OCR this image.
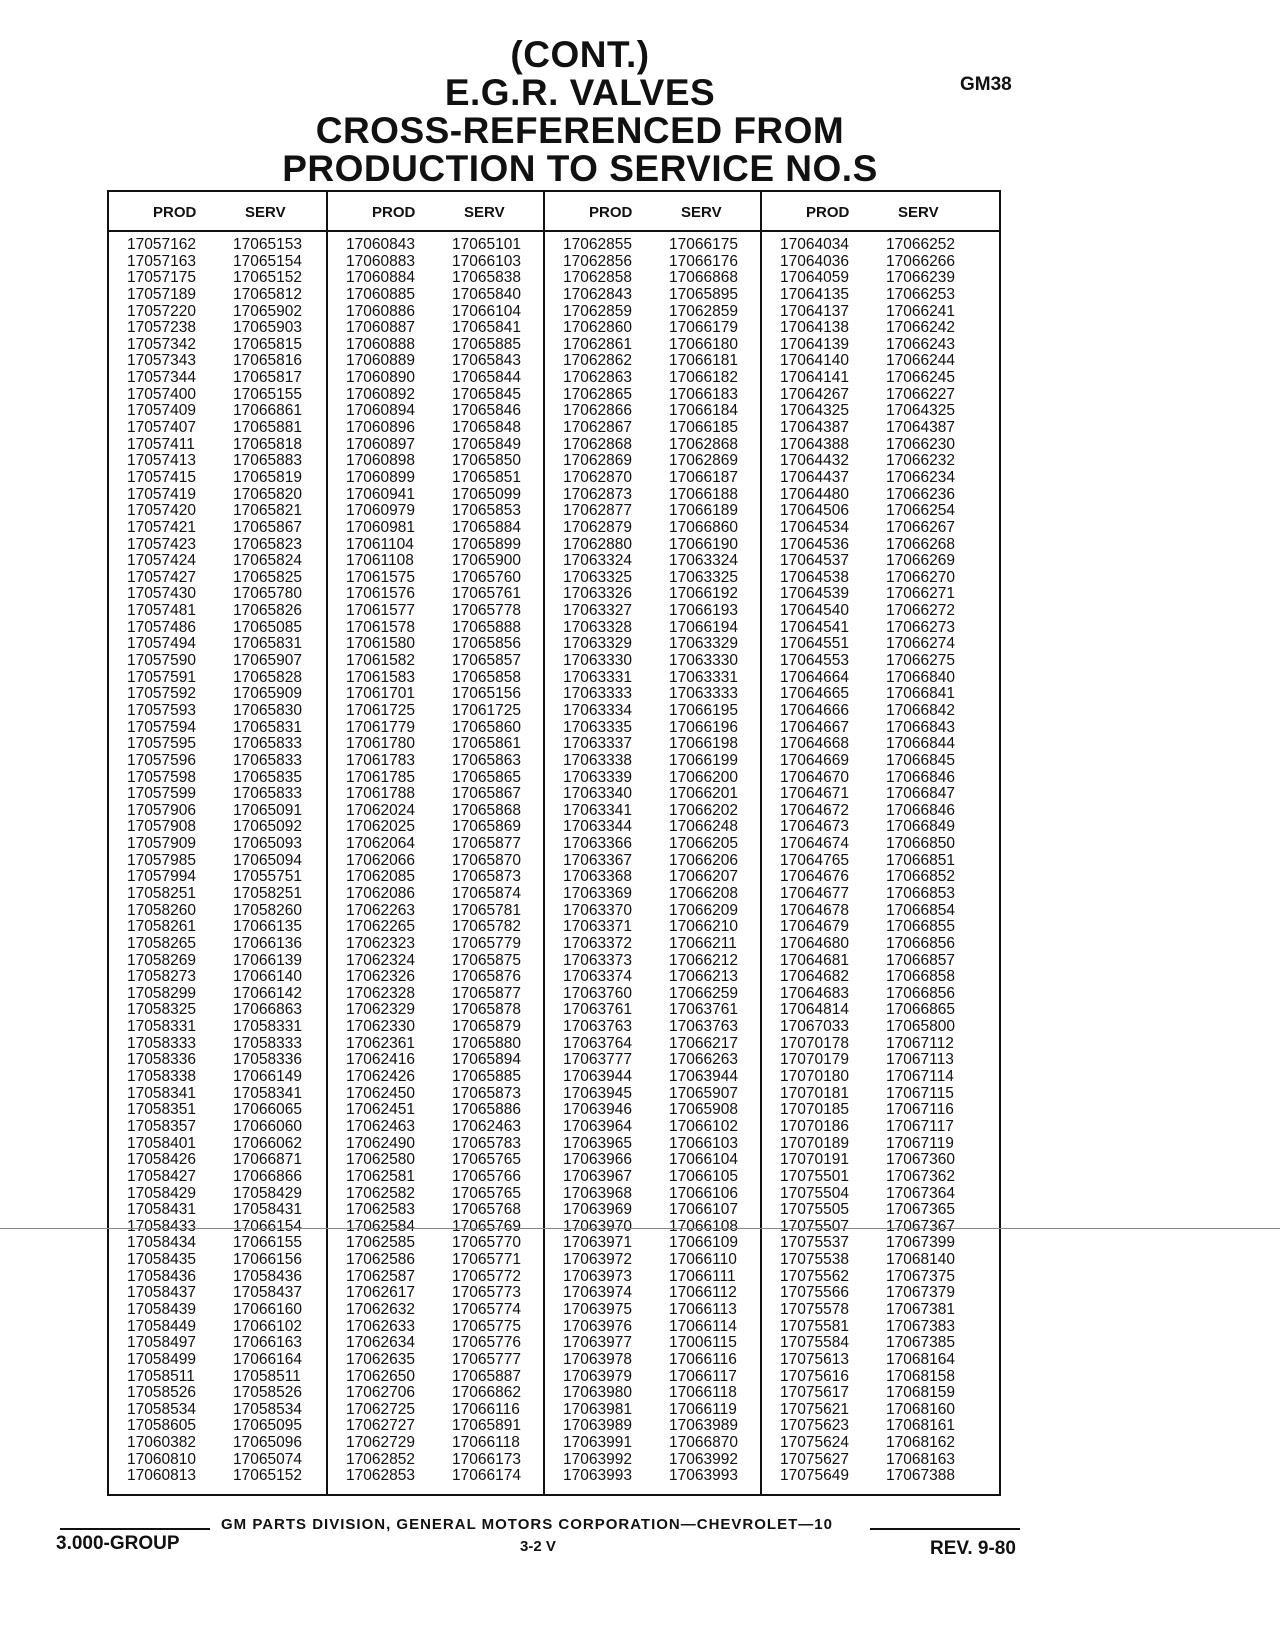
(CONT.)
E.G.R. VALVES
CROSS-REFERENCED FROM
PRODUCTION TO SERVICE NO.S
GM38
PROD	SERV
17057162 17065153
17057163 17065154
17057175 17065152
17057189 17065812
17057220 17065902
17057238 17065903
17057342 17065815
17057343 17065816
17057344 17065817
17057400 17065155
17057409 17066861
17057407 17065881
17057411 17065818
17057413 17065883
17057415 17065819
17057419 17065820
17057420 17065821
17057421 17065867
17057423 17065823
17057424 17065824
17057427 17065825
17057430 17065780
17057481 17065826
17057486 17065085
17057494 17065831
17057590 17065907
17057591 17065828
17057592 17065909
17057593 17065830
17057594 17065831
17057595 17065833
17057596 17065833
17057598 17065835
17057599 17065833
17057906 17065091
17057908 17065092
17057909 17065093
17057985 17065094
17057994 17055751
17058251 17058251
17058260 17058260
17058261 17066135
17058265 17066136
17058269 17066139
17058273 17066140
17058299 17066142
17058325 17066863
17058331 17058331
17058333 17058333
17058336 17058336
17058338 17066149
17058341 17058341
17058351 17066065
17058357 17066060
17058401 17066062
17058426 17066871
17058427 17066866
17058429 17058429
17058431 17058431
17058433 17066154
17058434 17066155
17058435 17066156
17058436 17058436
17058437 17058437
17058439 17066160
17058449 17066102
17058497 17066163
17058499 17066164
17058511 17058511
17058526 17058526
17058534 17058534
17058605 17065095
17060382 17065096
17060810 17065074
17060813 17065152
PROD	SERV
17060843 17065101
17060883 17066103
17060884 17065838
17060885 17065840
17060886 17066104
17060887 17065841
17060888 17065885
17060889 17065843
17060890 17065844
17060892 17065845
17060894 17065846
17060896 17065848
17060897 17065849
17060898 17065850
17060899 17065851
17060941 17065099
17060979 17065853
17060981 17065884
17061104 17065899
17061108 17065900
17061575 17065760
17061576 17065761
17061577 17065778
17061578 17065888
17061580 17065856
17061582 17065857
17061583 17065858
17061701 17065156
17061725 17061725
17061779 17065860
17061780 17065861
17061783 17065863
17061785 17065865
17061788 17065867
17062024 17065868
17062025 17065869
17062064 17065877
17062066 17065870
17062085 17065873
17062086 17065874
17062263 17065781
17062265 17065782
17062323 17065779
17062324 17065875
17062326 17065876
17062328 17065877
17062329 17065878
17062330 17065879
17062361 17065880
17062416 17065894
17062426 17065885
17062450 17065873
17062451 17065886
17062463 17062463
17062490 17065783
17062580 17065765
17062581 17065766
17062582 17065765
17062583 17065768
17062584 17065769
17062585 17065770
17062586 17065771
17062587 17065772
17062617 17065773
17062632 17065774
17062633 17065775
17062634 17065776
17062635 17065777
17062650 17065887
17062706 17066862
17062725 17066116
17062727 17065891
17062729 17066118
17062852 17066173
17062853 17066174
PROD	SERV
17062855 17066175
17062856 17066176
17062858 17066868
17062843 17065895
17062859 17062859
17062860 17066179
17062861 17066180
17062862 17066181
17062863 17066182
17062865 17066183
17062866 17066184
17062867 17066185
17062868 17062868
17062869 17062869
17062870 17066187
17062873 17066188
17062877 17066189
17062879 17066860
17062880 17066190
17063324 17063324
17063325 17063325
17063326 17066192
17063327 17066193
17063328 17066194
17063329 17063329
17063330 17063330
17063331 17063331
17063333 17063333
17063334 17066195
17063335 17066196
17063337 17066198
17063338 17066199
17063339 17066200
17063340 17066201
17063341 17066202
17063344 17066248
17063366 17066205
17063367 17066206
17063368 17066207
17063369 17066208
17063370 17066209
17063371 17066210
17063372 17066211
17063373 17066212
17063374 17066213
17063760 17066259
17063761 17063761
17063763 17063763
17063764 17066217
17063777 17066263
17063944 17063944
17063945 17065907
17063946 17065908
17063964 17066102
17063965 17066103
17063966 17066104
17063967 17066105
17063968 17066106
17063969 17066107
17063970 17066108
17063971 17066109
17063972 17066110
17063973 17066111
17063974 17066112
17063975 17066113
17063976 17066114
17063977 17006115
17063978 17066116
17063979 17066117
17063980 17066118
17063981 17066119
17063989 17063989
17063991 17066870
17063992 17063992
17063993 17063993
PROD	SERV
17064034 17066252
17064036 17066266
17064059 17066239
17064135 17066253
17064137 17066241
17064138 17066242
17064139 17066243
17064140 17066244
17064141 17066245
17064267 17066227
17064325 17064325
17064387 17064387
17064388 17066230
17064432 17066232
17064437 17066234
17064480 17066236
17064506 17066254
17064534 17066267
17064536 17066268
17064537 17066269
17064538 17066270
17064539 17066271
17064540 17066272
17064541 17066273
17064551 17066274
17064553 17066275
17064664 17066840
17064665 17066841
17064666 17066842
17064667 17066843
17064668 17066844
17064669 17066845
17064670 17066846
17064671 17066847
17064672 17066846
17064673 17066849
17064674 17066850
17064765 17066851
17064676 17066852
17064677 17066853
17064678 17066854
17064679 17066855
17064680 17066856
17064681 17066857
17064682 17066858
17064683 17066856
17064814 17066865
17067033 17065800
17070178 17067112
17070179 17067113
17070180 17067114
17070181 17067115
17070185 17067116
17070186 17067117
17070189 17067119
17070191 17067360
17075501 17067362
17075504 17067364
17075505 17067365
17075507 17067367
17075537 17067399
17075538 17068140
17075562 17067375
17075566 17067379
17075578 17067381
17075581 17067383
17075584 17067385
17075613 17068164
17075616 17068158
17075617 17068159
17075621 17068160
17075623 17068161
17075624 17068162
17075627 17068163
17075649 17067388
GM PARTS DIVISION, GENERAL MOTORS CORPORATION—CHEVROLET—10
3.000-GROUP	3-2 V	REV. 9-80
